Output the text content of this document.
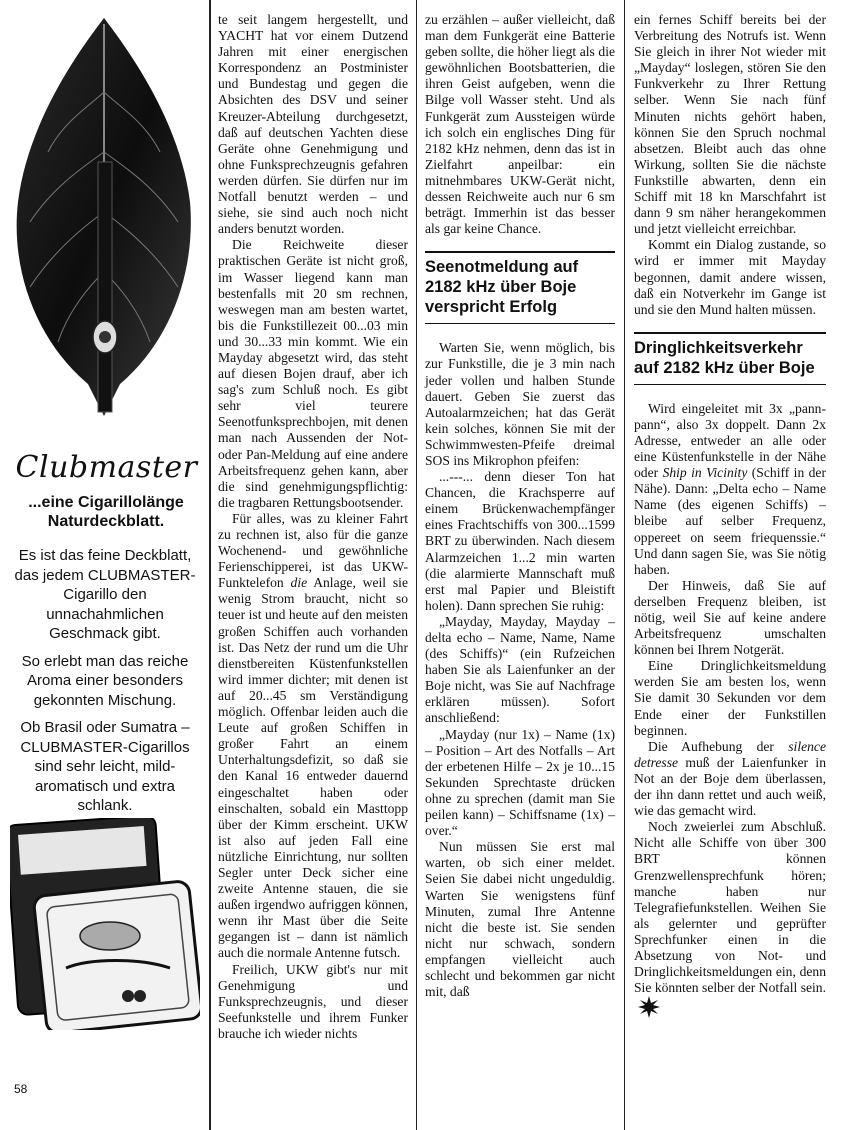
Clubmaster
...eine Cigarillolänge
Naturdeckblatt.

Es ist das feine Deckblatt, das jedem CLUBMASTER-Cigarillo den unnachahmlichen Geschmack gibt.

So erlebt man das reiche Aroma einer besonders gekonnten Mischung.

Ob Brasil oder Sumatra – CLUBMASTER-Cigarillos sind sehr leicht, mild-aromatisch und extra schlank.

58

te seit langem hergestellt, und YACHT hat vor einem Dutzend Jahren mit einer energischen Korrespondenz an Postminister und Bundestag und gegen die Absichten des DSV und seiner Kreuzer-Abteilung durchgesetzt, daß auf deutschen Yachten diese Geräte ohne Genehmigung und ohne Funksprechzeugnis gefahren werden dürfen. Sie dürfen nur im Notfall benutzt werden – und siehe, sie sind auch noch nicht anders benutzt worden.

Die Reichweite dieser praktischen Geräte ist nicht groß, im Wasser liegend kann man bestenfalls mit 20 sm rechnen, weswegen man am besten wartet, bis die Funkstillezeit 00...03 min und 30...33 min kommt. Wie ein Mayday abgesetzt wird, das steht auf diesen Bojen drauf, aber ich sag's zum Schluß noch. Es gibt sehr viel teurere Seenotfunksprechbojen, mit denen man nach Aussenden der Not- oder Pan-Meldung auf eine andere Arbeitsfrequenz gehen kann, aber die sind genehmigungspflichtig: die tragbaren Rettungsbootsender.

Für alles, was zu kleiner Fahrt zu rechnen ist, also für die ganze Wochenend- und gewöhnliche Ferienschipperei, ist das UKW-Funktelefon die Anlage, weil sie wenig Strom braucht, nicht so teuer ist und heute auf den meisten großen Schiffen auch vorhanden ist. Das Netz der rund um die Uhr dienstbereiten Küstenfunkstellen wird immer dichter; mit denen ist auf 20...45 sm Verständigung möglich. Offenbar leiden auch die Leute auf großen Schiffen in großer Fahrt an einem Unterhaltungsdefizit, so daß sie den Kanal 16 entweder dauernd eingeschaltet haben oder einschalten, sobald ein Masttopp über der Kimm erscheint. UKW ist also auf jeden Fall eine nützliche Einrichtung, nur sollten Segler unter Deck sicher eine zweite Antenne stauen, die sie außen irgendwo aufriggen können, wenn ihr Mast über die Seite gegangen ist – dann ist nämlich auch die normale Antenne futsch.

Freilich, UKW gibt's nur mit Genehmigung und Funksprechzeugnis, und dieser Seefunkstelle und ihrem Funker brauche ich wieder nichts

zu erzählen – außer vielleicht, daß man dem Funkgerät eine Batterie geben sollte, die höher liegt als die gewöhnlichen Bootsbatterien, die ihren Geist aufgeben, wenn die Bilge voll Wasser steht. Und als Funkgerät zum Aussteigen würde ich solch ein englisches Ding für 2182 kHz nehmen, denn das ist in Zielfahrt anpeilbar: ein mitnehmbares UKW-Gerät nicht, dessen Reichweite auch nur 6 sm beträgt. Immerhin ist das besser als gar keine Chance.

Seenotmeldung auf
2182 kHz über Boje
verspricht Erfolg

Warten Sie, wenn möglich, bis zur Funkstille, die je 3 min nach jeder vollen und halben Stunde dauert. Geben Sie zuerst das Autoalarmzeichen; hat das Gerät kein solches, können Sie mit der Schwimmwesten-Pfeife dreimal SOS ins Mikrophon pfeifen:

...---... denn dieser Ton hat Chancen, die Krachsperre auf einem Brückenwachempfänger eines Frachtschiffs von 300...1599 BRT zu überwinden. Nach diesem Alarmzeichen 1...2 min warten (die alarmierte Mannschaft muß erst mal Papier und Bleistift holen). Dann sprechen Sie ruhig:

„Mayday, Mayday, Mayday – delta echo – Name, Name, Name (des Schiffs)“ (ein Rufzeichen haben Sie als Laienfunker an der Boje nicht, was Sie auf Nachfrage erklären müssen). Sofort anschließend:

„Mayday (nur 1x) – Name (1x) – Position – Art des Notfalls – Art der erbetenen Hilfe – 2x je 10...15 Sekunden Sprechtaste drücken ohne zu sprechen (damit man Sie peilen kann) – Schiffsname (1x) – over.“

Nun müssen Sie erst mal warten, ob sich einer meldet. Seien Sie dabei nicht ungeduldig. Warten Sie wenigstens fünf Minuten, zumal Ihre Antenne nicht die beste ist. Sie senden nicht nur schwach, sondern empfangen vielleicht auch schlecht und bekommen gar nicht mit, daß

ein fernes Schiff bereits bei der Verbreitung des Notrufs ist. Wenn Sie gleich in ihrer Not wieder mit „Mayday“ loslegen, stören Sie den Funkverkehr zu Ihrer Rettung selber. Wenn Sie nach fünf Minuten nichts gehört haben, können Sie den Spruch nochmal absetzen. Bleibt auch das ohne Wirkung, sollten Sie die nächste Funkstille abwarten, denn ein Schiff mit 18 kn Marschfahrt ist dann 9 sm näher herangekommen und jetzt vielleicht erreichbar.

Kommt ein Dialog zustande, so wird er immer mit Mayday begonnen, damit andere wissen, daß ein Notverkehr im Gange ist und sie den Mund halten müssen.

Dringlichkeitsverkehr
auf 2182 kHz über Boje

Wird eingeleitet mit 3x „pann-pann“, also 3x doppelt. Dann 2x Adresse, entweder an alle oder eine Küstenfunkstelle in der Nähe oder Ship in Vicinity (Schiff in der Nähe). Dann: „Delta echo – Name Name (des eigenen Schiffs) – bleibe auf selber Frequenz, oppereet on seem friequenssie.“ Und dann sagen Sie, was Sie nötig haben.

Der Hinweis, daß Sie auf derselben Frequenz bleiben, ist nötig, weil Sie auf keine andere Arbeitsfrequenz umschalten können bei Ihrem Notgerät.

Eine Dringlichkeitsmeldung werden Sie am besten los, wenn Sie damit 30 Sekunden vor dem Ende einer der Funkstillen beginnen.

Die Aufhebung der silence detresse muß der Laienfunker in Not an der Boje dem überlassen, der ihn dann rettet und auch weiß, wie das gemacht wird.

Noch zweierlei zum Abschluß. Nicht alle Schiffe von über 300 BRT können Grenzwellensprechfunk hören; manche haben nur Telegrafiefunkstellen. Weihen Sie als gelernter und geprüfter Sprechfunker einen in die Absetzung von Not- und Dringlichkeitsmeldungen ein, denn Sie könnten selber der Notfall sein.
